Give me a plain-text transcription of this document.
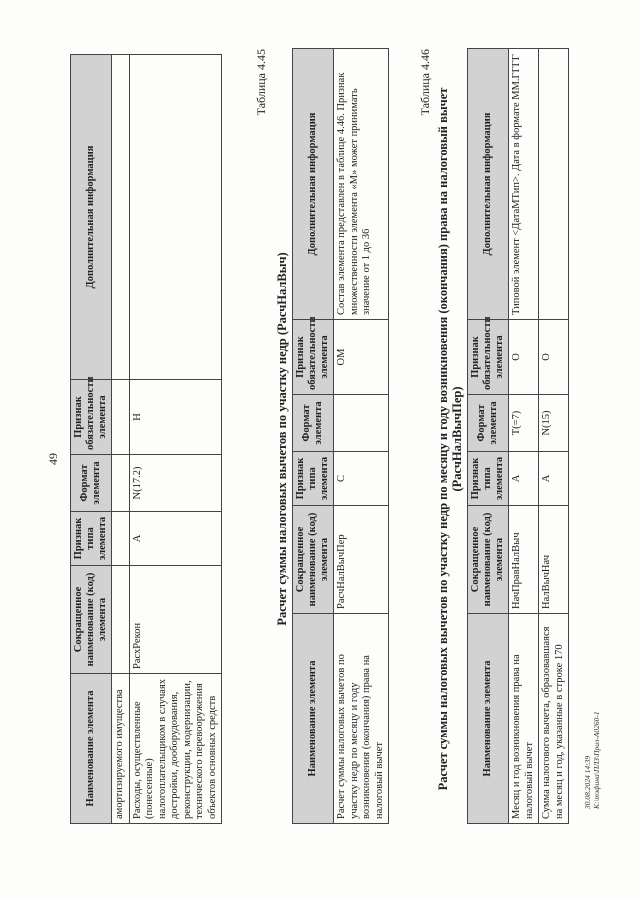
49
Наименование элемента	Сокращенное наименование (код) элемента	Признак типа элемента	Формат элемента	Признак обязательности элемента	Дополнительная информация
амортизируемого имущества					
Расходы, осуществленные (понесенные) налогоплательщиком в случаях достройки, дооборудования, реконструкции, модернизации, технического перевооружения объектов основных средств	РасхРекон	А	N(17.2)	Н	
Таблица 4.45
Расчет суммы налоговых вычетов по участку недр (РасчНалВыч)
Наименование элемента	Сокращенное наименование (код) элемента	Признак типа элемента	Формат элемента	Признак обязательности элемента	Дополнительная информация
Расчет суммы налоговых вычетов по участку недр по месяцу и году возникновения (окончания) права на налоговый вычет	РасчНалВычПер	С		ОМ	Состав элемента представлен в таблице 4.46. Признак множественности элемента «М» может принимать значение от 1 до 36
Таблица 4.46
Расчет суммы налоговых вычетов по участку недр по месяцу и году возникновения (окончания) права на налоговый вычет (РасчНалВычПер)
Наименование элемента	Сокращенное наименование (код) элемента	Признак типа элемента	Формат элемента	Признак обязательности элемента	Дополнительная информация
Месяц и год возникновения права на налоговый вычет	НачПравНалВыч	А	T(=7)	О	Типовой элемент <ДатаМТип>. Дата в формате ММ.ГГГГ
Сумма налогового вычета, образовавшаяся на месяц и год, указанные в строке 170	НалВычНач	А	N(15)	О	
30.08.2024 14:39 К:\тэфина\ПЛЗ\Прил-А0260-1
